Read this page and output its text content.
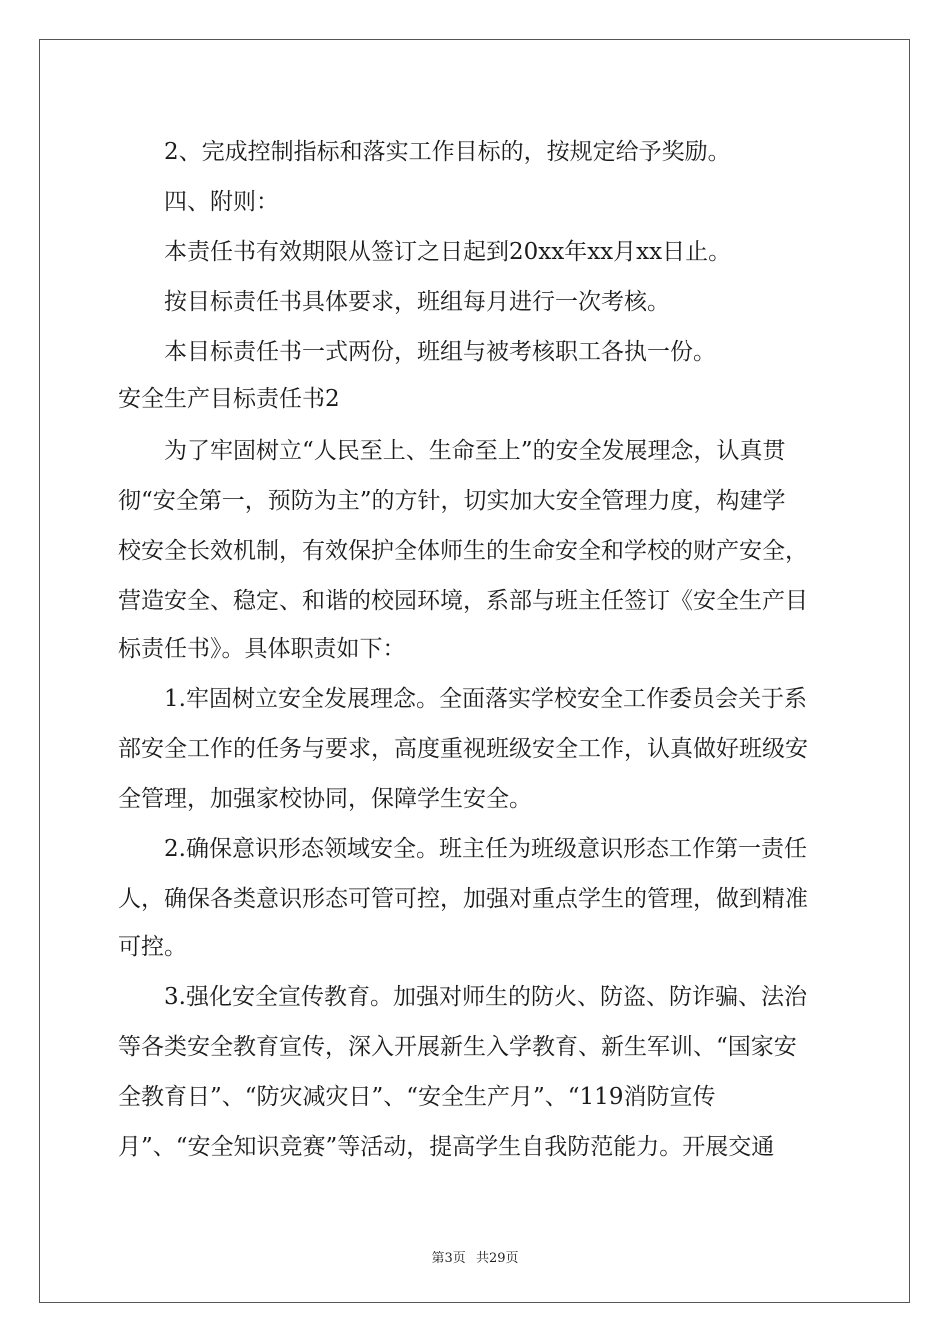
2、完成控制指标和落实工作目标的，按规定给予奖励。

四、附则：

本责任书有效期限从签订之日起到20xx年xx月xx日止。

按目标责任书具体要求，班组每月进行一次考核。

本目标责任书一式两份，班组与被考核职工各执一份。

安全生产目标责任书2

为了牢固树立“人民至上、生命至上”的安全发展理念，认真贯

彻“安全第一，预防为主”的方针，切实加大安全管理力度，构建学

校安全长效机制，有效保护全体师生的生命安全和学校的财产安全，

营造安全、稳定、和谐的校园环境，系部与班主任签订《安全生产目

标责任书》。具体职责如下：

1.牢固树立安全发展理念。全面落实学校安全工作委员会关于系

部安全工作的任务与要求，高度重视班级安全工作，认真做好班级安

全管理，加强家校协同，保障学生安全。

2.确保意识形态领域安全。班主任为班级意识形态工作第一责任

人，确保各类意识形态可管可控，加强对重点学生的管理，做到精准

可控。

3.强化安全宣传教育。加强对师生的防火、防盗、防诈骗、法治

等各类安全教育宣传，深入开展新生入学教育、新生军训、“国家安

全教育日”、“防灾减灾日”、“安全生产月”、“119消防宣传

月”、“安全知识竞赛”等活动，提高学生自我防范能力。开展交通

第3页 共29页
